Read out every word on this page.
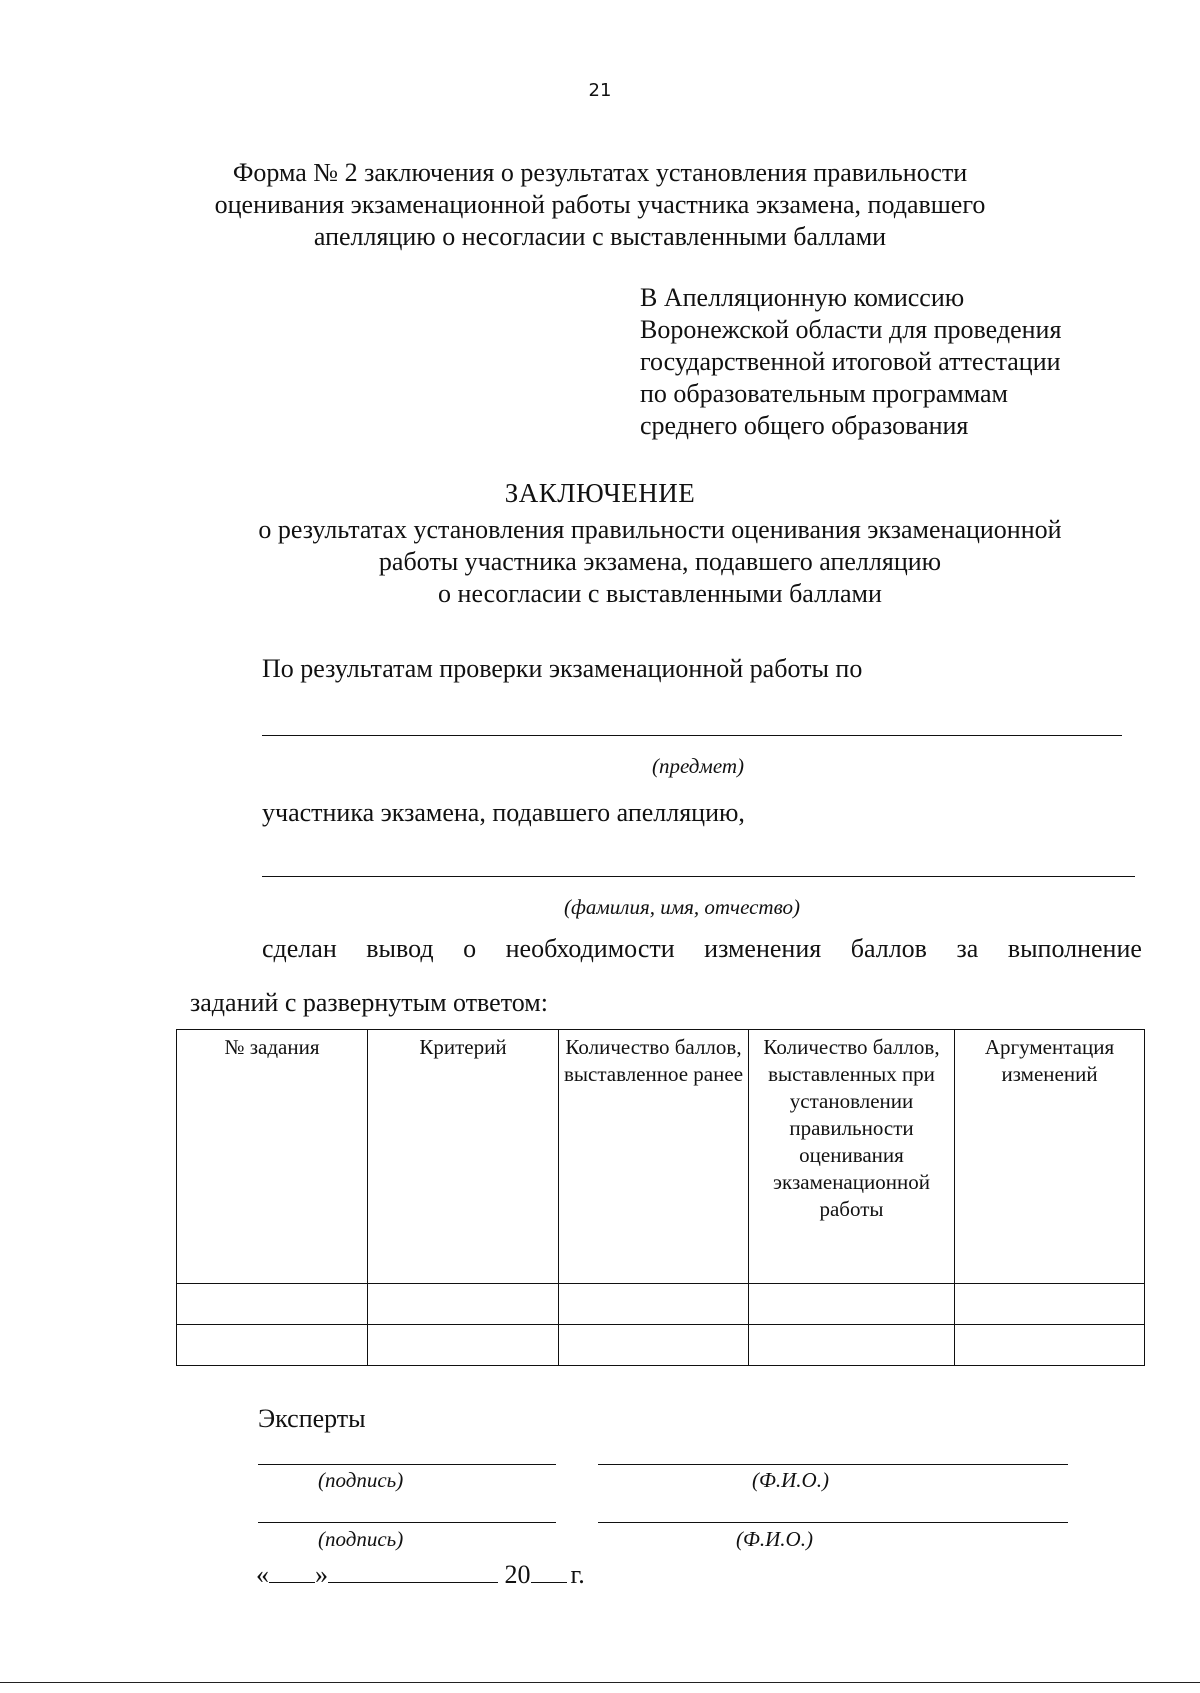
21
Форма № 2 заключения о результатах установления правильности
оценивания экзаменационной работы участника экзамена, подавшего
апелляцию о несогласии с выставленными баллами
В Апелляционную комиссию
Воронежской области для проведения
государственной итоговой аттестации
по образовательным программам
среднего общего образования
ЗАКЛЮЧЕНИЕ
о результатах установления правильности оценивания экзаменационной
работы участника экзамена, подавшего апелляцию
о несогласии с выставленными баллами
По результатам проверки экзаменационной работы по
(предмет)
участника экзамена, подавшего апелляцию,
(фамилия, имя, отчество)
сделан вывод о необходимости изменения баллов за выполнение
заданий с развернутым ответом:
№ задания	Критерий	Количество баллов, выставленное ранее	Количество баллов, выставленных при установлении правильности оценивания экзаменационной работы	Аргументация изменений

Эксперты
(подпись)	(Ф.И.О.)
(подпись)	(Ф.И.О.)
« »	20 г.
